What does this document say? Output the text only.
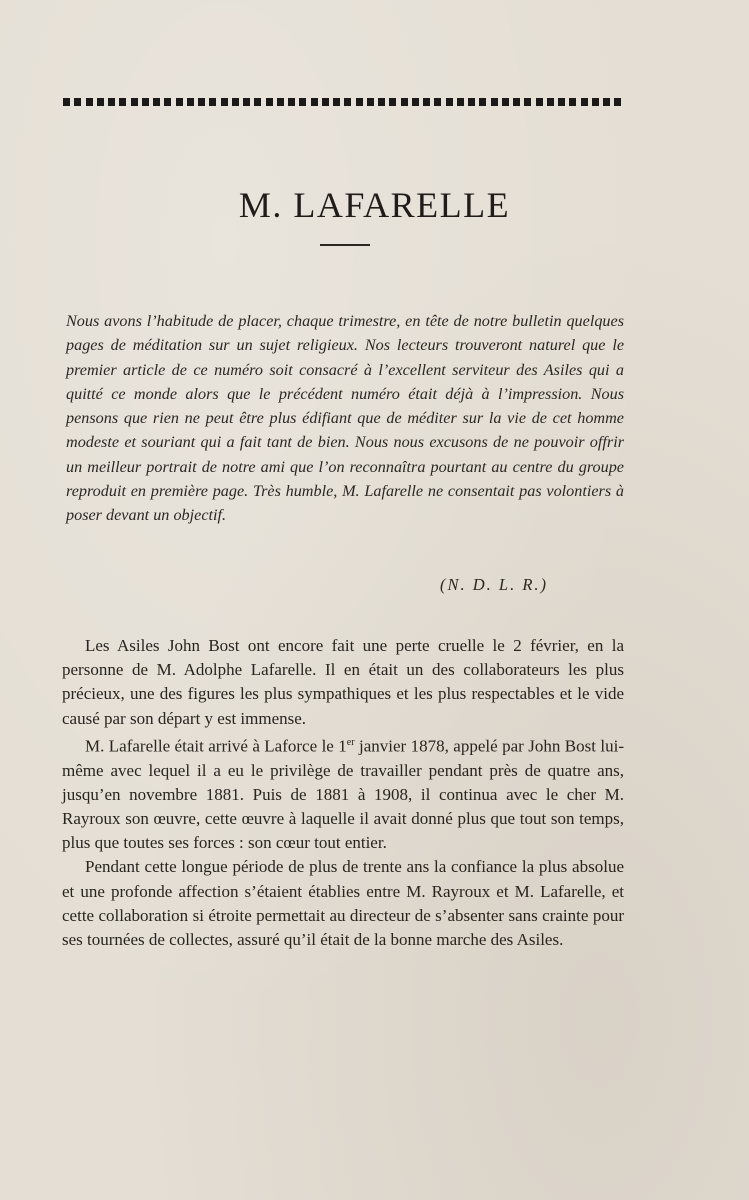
M. LAFARELLE

Nous avons l’habitude de placer, chaque trimestre, en tête de notre bulletin quelques pages de méditation sur un sujet religieux. Nos lecteurs trouveront naturel que le premier article de ce numéro soit consacré à l’excellent serviteur des Asiles qui a quitté ce monde alors que le précédent numéro était déjà à l’impression. Nous pensons que rien ne peut être plus édifiant que de méditer sur la vie de cet homme modeste et souriant qui a fait tant de bien. Nous nous excusons de ne pouvoir offrir un meilleur portrait de notre ami que l’on reconnaîtra pourtant au centre du groupe reproduit en première page. Très humble, M. Lafarelle ne consentait pas volontiers à poser devant un objectif.

(N. D. L. R.)

Les Asiles John Bost ont encore fait une perte cruelle le 2 février, en la personne de M. Adolphe Lafarelle. Il en était un des collaborateurs les plus précieux, une des figures les plus sympathiques et les plus respectables et le vide causé par son départ y est immense.

M. Lafarelle était arrivé à Laforce le 1er janvier 1878, appelé par John Bost lui-même avec lequel il a eu le privilège de travailler pendant près de quatre ans, jusqu’en novembre 1881. Puis de 1881 à 1908, il continua avec le cher M. Rayroux son œuvre, cette œuvre à laquelle il avait donné plus que tout son temps, plus que toutes ses forces : son cœur tout entier.

Pendant cette longue période de plus de trente ans la confiance la plus absolue et une profonde affection s’étaient établies entre M. Rayroux et M. Lafarelle, et cette collaboration si étroite permettait au directeur de s’absenter sans crainte pour ses tournées de collectes, assuré qu’il était de la bonne marche des Asiles.
